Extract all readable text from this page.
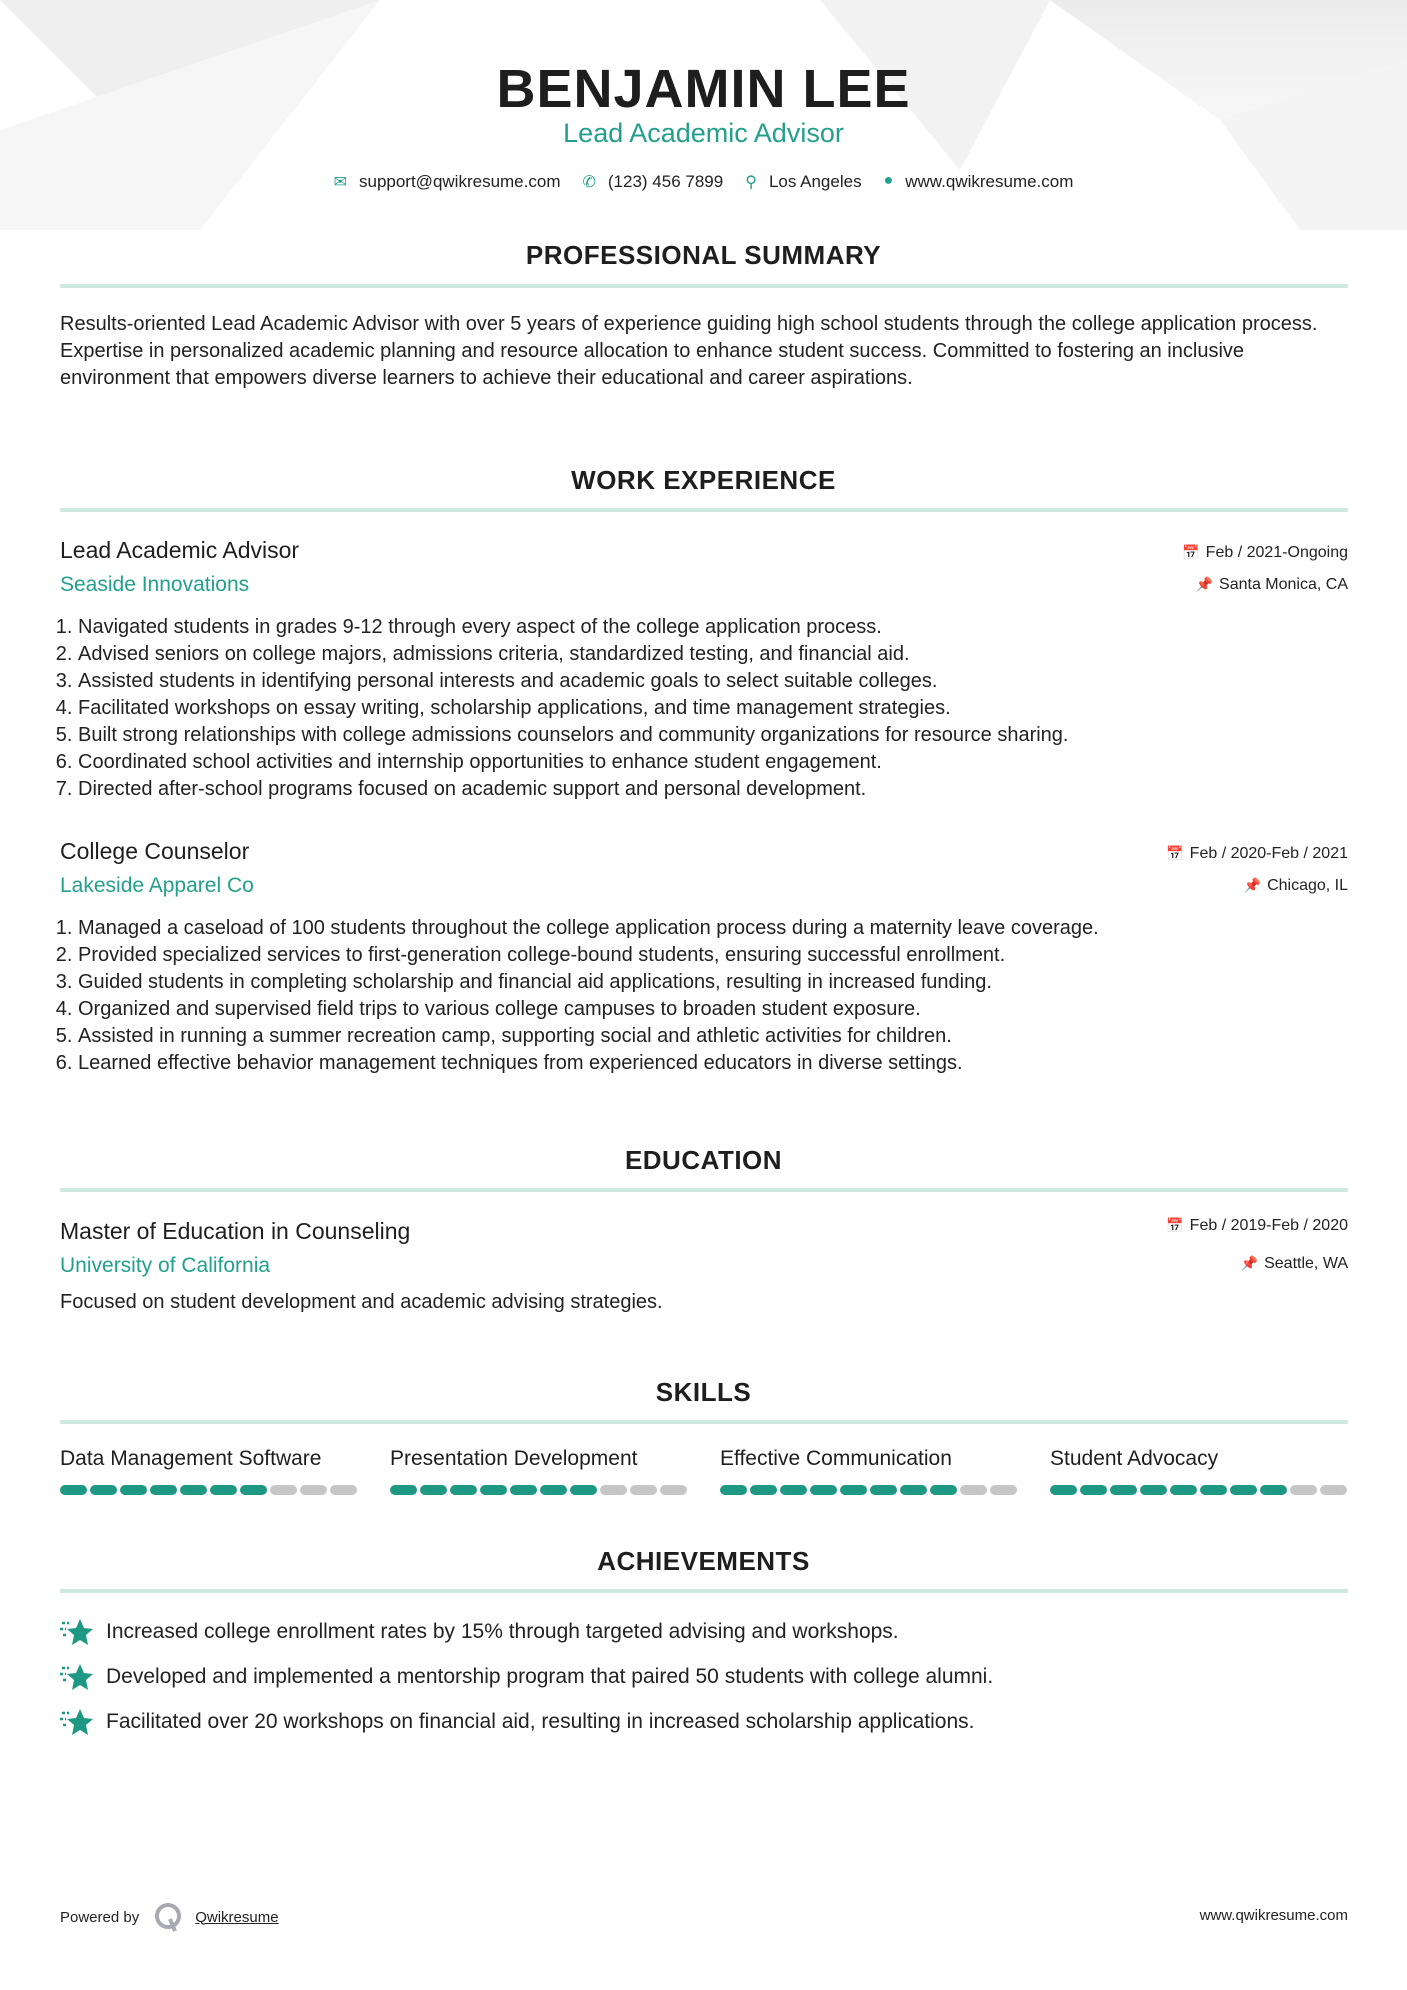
BENJAMIN LEE
Lead Academic Advisor
✉ support@qwikresume.com ✆ (123) 456 7899 ⚲ Los Angeles ● www.qwikresume.com
PROFESSIONAL SUMMARY
Results-oriented Lead Academic Advisor with over 5 years of experience guiding high school students through the college application process. Expertise in personalized academic planning and resource allocation to enhance student success. Committed to fostering an inclusive environment that empowers diverse learners to achieve their educational and career aspirations.
WORK EXPERIENCE
Lead Academic Advisor
Seaside Innovations
📅 Feb / 2021-Ongoing
📌 Santa Monica, CA
1. Navigated students in grades 9-12 through every aspect of the college application process.
2. Advised seniors on college majors, admissions criteria, standardized testing, and financial aid.
3. Assisted students in identifying personal interests and academic goals to select suitable colleges.
4. Facilitated workshops on essay writing, scholarship applications, and time management strategies.
5. Built strong relationships with college admissions counselors and community organizations for resource sharing.
6. Coordinated school activities and internship opportunities to enhance student engagement.
7. Directed after-school programs focused on academic support and personal development.
College Counselor
Lakeside Apparel Co
📅 Feb / 2020-Feb / 2021
📌 Chicago, IL
1. Managed a caseload of 100 students throughout the college application process during a maternity leave coverage.
2. Provided specialized services to first-generation college-bound students, ensuring successful enrollment.
3. Guided students in completing scholarship and financial aid applications, resulting in increased funding.
4. Organized and supervised field trips to various college campuses to broaden student exposure.
5. Assisted in running a summer recreation camp, supporting social and athletic activities for children.
6. Learned effective behavior management techniques from experienced educators in diverse settings.
EDUCATION
Master of Education in Counseling
University of California
📅 Feb / 2019-Feb / 2020
📌 Seattle, WA
Focused on student development and academic advising strategies.
SKILLS
Data Management Software	Presentation Development	Effective Communication	Student Advocacy
ACHIEVEMENTS
Increased college enrollment rates by 15% through targeted advising and workshops.
Developed and implemented a mentorship program that paired 50 students with college alumni.
Facilitated over 20 workshops on financial aid, resulting in increased scholarship applications.
Powered by	Qwikresume	www.qwikresume.com
